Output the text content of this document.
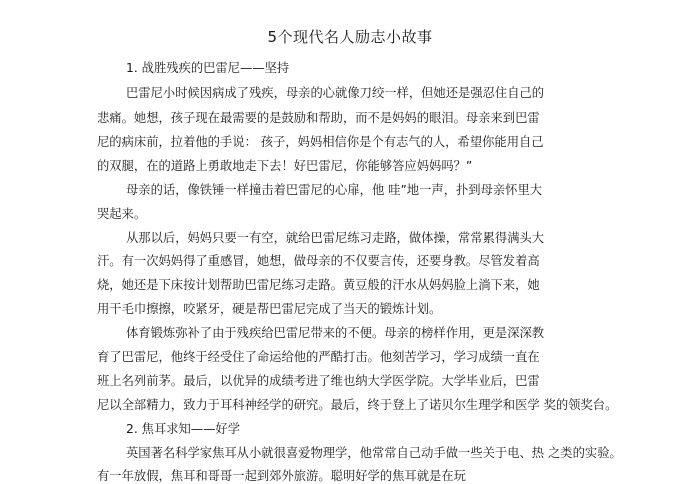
5个现代名人励志小故事
1. 战胜残疾的巴雷尼——坚持
巴雷尼小时候因病成了残疾，母亲的心就像刀绞一样，但她还是强忍住自己的
悲痛。她想，孩子现在最需要的是鼓励和帮助，而不是妈妈的眼泪。母亲来到巴雷
尼的病床前，拉着他的手说： 孩子，妈妈相信你是个有志气的人，希望你能用自己
的双腿，在的道路上勇敢地走下去！好巴雷尼，你能够答应妈妈吗？”
母亲的话，像铁锤一样撞击着巴雷尼的心扉，他 哇”地一声，扑到母亲怀里大
哭起来。
从那以后，妈妈只要一有空，就给巴雷尼练习走路，做体操，常常累得满头大
汗。有一次妈妈得了重感冒，她想，做母亲的不仅要言传，还要身教。尽管发着高
烧，她还是下床按计划帮助巴雷尼练习走路。黄豆般的汗水从妈妈脸上淌下来，她
用干毛巾擦擦，咬紧牙，硬是帮巴雷尼完成了当天的锻炼计划。
体育锻炼弥补了由于残疾给巴雷尼带来的不便。母亲的榜样作用，更是深深教
育了巴雷尼，他终于经受住了命运给他的严酷打击。他刻苦学习，学习成绩一直在
班上名列前茅。最后，以优异的成绩考进了维也纳大学医学院。大学毕业后，巴雷
尼以全部精力，致力于耳科神经学的研究。最后，终于登上了诺贝尔生理学和医学 奖的领奖台。
2. 焦耳求知——好学
英国著名科学家焦耳从小就很喜爱物理学，他常常自己动手做一些关于电、热 之类的实验。
有一年放假，焦耳和哥哥一起到郊外旅游。聪明好学的焦耳就是在玩
